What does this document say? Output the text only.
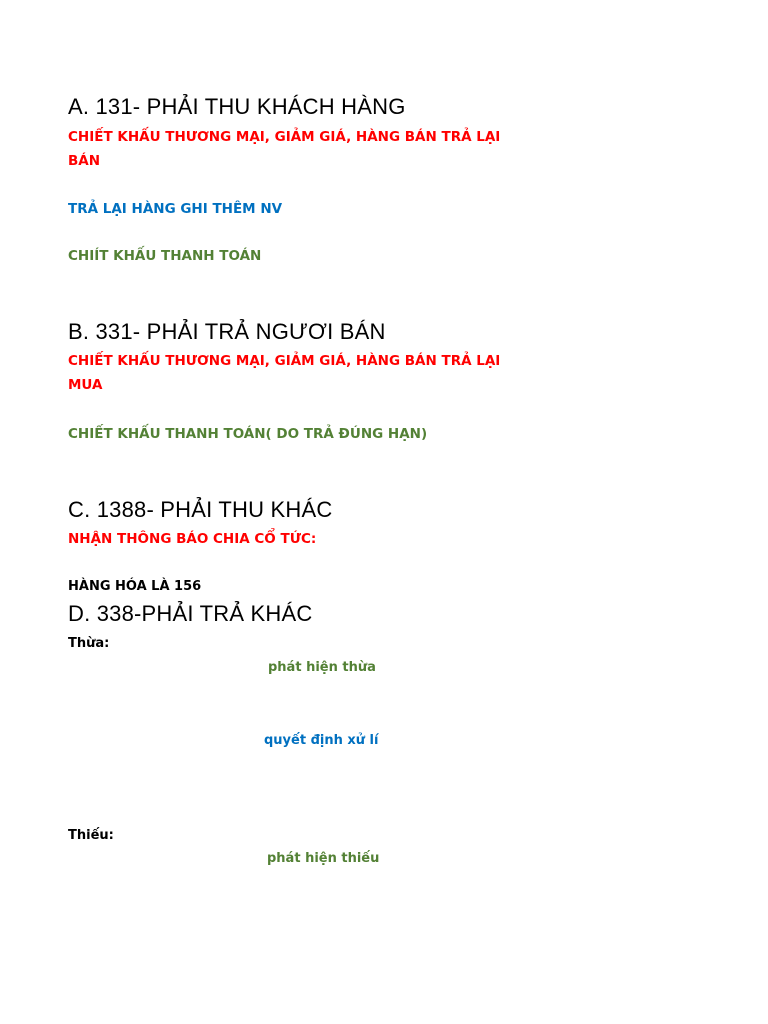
A. 131- PHẢI THU KHÁCH HÀNG
CHIẾT KHẤU THƯƠNG MẠI, GIẢM GIÁ, HÀNG BÁN TRẢ LẠI BÁN
TRẢ LẠI HÀNG GHI THÊM NV
CHIÍT KHẤU THANH TOÁN
B. 331- PHẢI TRẢ NGƯƠI BÁN
CHIẾT KHẤU THƯƠNG MẠI, GIẢM GIÁ, HÀNG BÁN TRẢ LẠI MUA
CHIẾT KHẤU THANH TOÁN( DO TRẢ ĐÚNG HẠN)
C. 1388- PHẢI THU KHÁC
NHẬN THÔNG BÁO CHIA CỔ TỨC:
HÀNG HÓA LÀ 156
D. 338-PHẢI TRẢ KHÁC
Thừa:
phát hiện thừa
quyết định xử lí
Thiếu:
phát hiện thiếu
